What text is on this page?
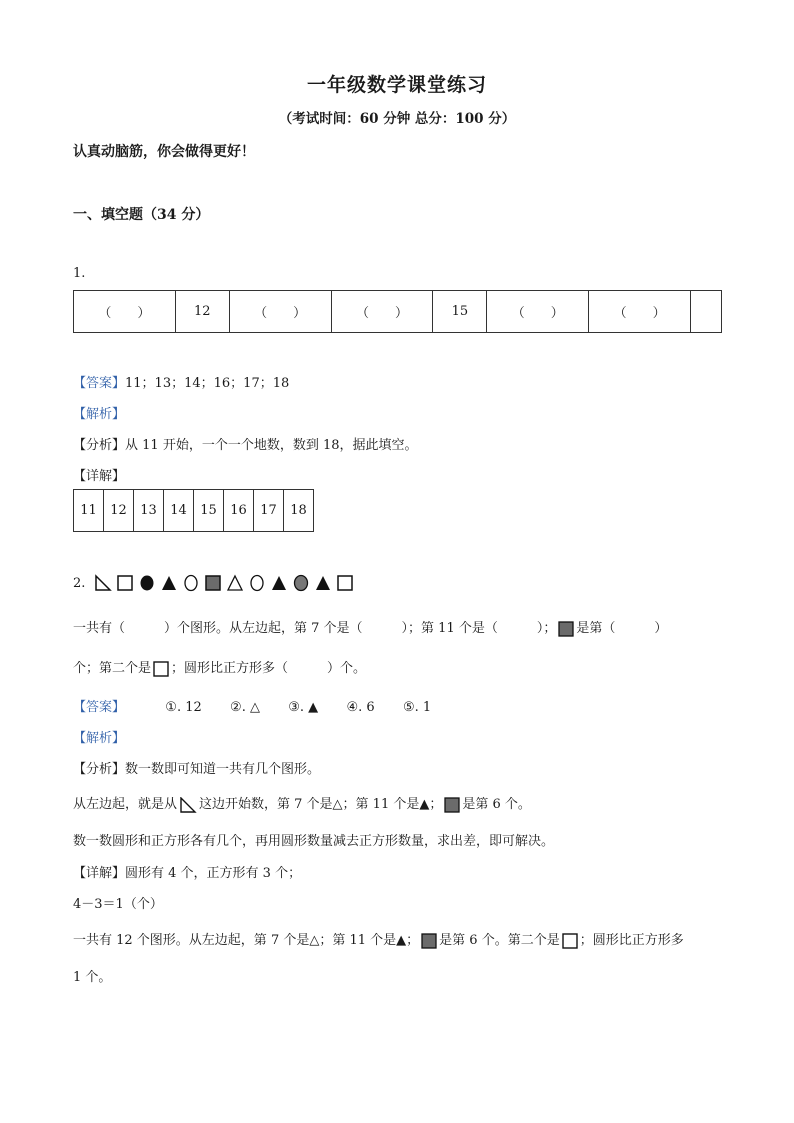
一年级数学课堂练习
（考试时间：60 分钟 总分：100 分）
认真动脑筋，你会做得更好！
一、填空题（34 分）
1.
（　　）	12	（　　）	（　　）	15	（　　）	（　　）	
【答案】11；13；14；16；17；18
【解析】
【分析】从 11 开始，一个一个地数，数到 18，据此填空。
【详解】
11	12	13	14	15	16	17	18
2.
一共有（　　　）个图形。从左边起，第 7 个是（　　　）；第 11 个是（　　　）； 是第（　　　）
个；第二个是 ；圆形比正方形多（　　　）个。
【答案】	①. 12 ②. △ ③. ▲ ④. 6 ⑤. 1
【解析】
【分析】数一数即可知道一共有几个图形。
从左边起，就是从 这边开始数，第 7 个是△；第 11 个是▲； 是第 6 个。
数一数圆形和正方形各有几个，再用圆形数量减去正方形数量，求出差，即可解决。
【详解】圆形有 4 个，正方形有 3 个；
4－3＝1（个）
一共有 12 个图形。从左边起，第 7 个是△；第 11 个是▲； 是第 6 个。第二个是 ；圆形比正方形多
1 个。
